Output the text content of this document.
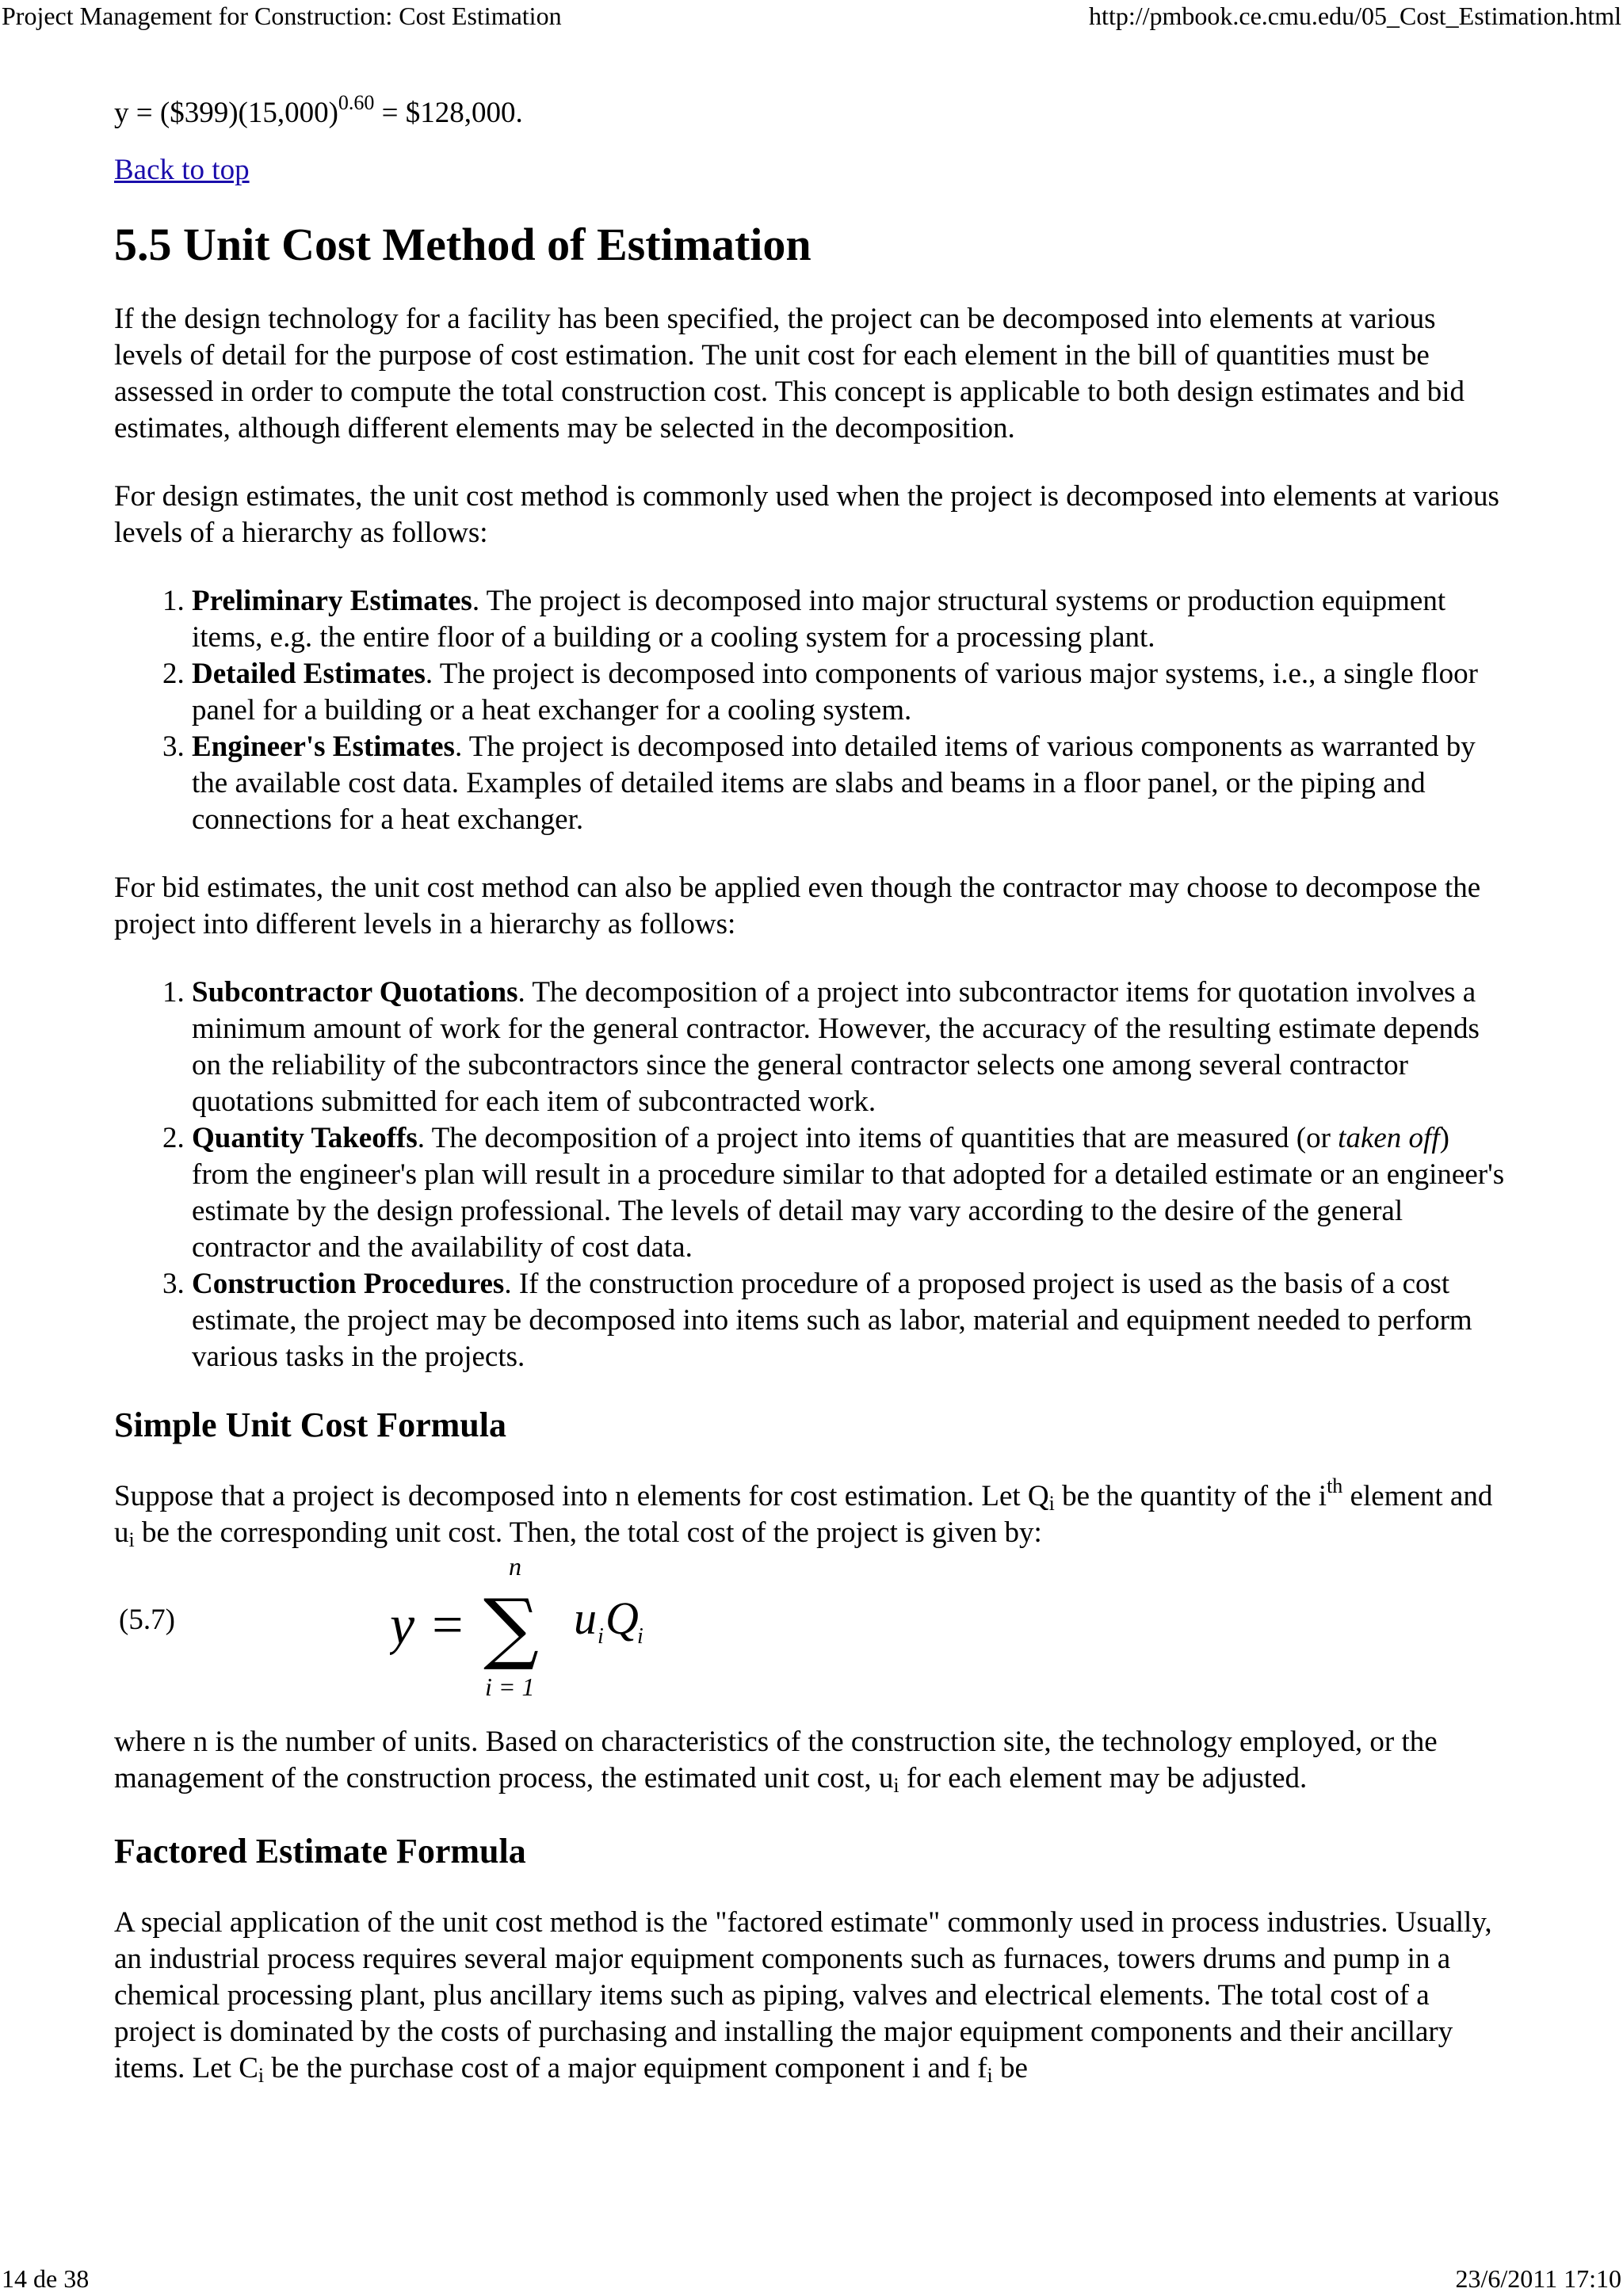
Project Management for Construction: Cost Estimation	http://pmbook.ce.cmu.edu/05_Cost_Estimation.html

$y = (\$399)(15,000)^{0.60}$ = $128,000.

Back to top

5.5 Unit Cost Method of Estimation

If the design technology for a facility has been specified, the project can be decomposed into elements at various levels of detail for the purpose of cost estimation. The unit cost for each element in the bill of quantities must be assessed in order to compute the total construction cost. This concept is applicable to both design estimates and bid estimates, although different elements may be selected in the decomposition.

For design estimates, the unit cost method is commonly used when the project is decomposed into elements at various levels of a hierarchy as follows:

1. Preliminary Estimates. The project is decomposed into major structural systems or production equipment items, e.g. the entire floor of a building or a cooling system for a processing plant.
2. Detailed Estimates. The project is decomposed into components of various major systems, i.e., a single floor panel for a building or a heat exchanger for a cooling system.
3. Engineer's Estimates. The project is decomposed into detailed items of various components as warranted by the available cost data. Examples of detailed items are slabs and beams in a floor panel, or the piping and connections for a heat exchanger.

For bid estimates, the unit cost method can also be applied even though the contractor may choose to decompose the project into different levels in a hierarchy as follows:

1. Subcontractor Quotations. The decomposition of a project into subcontractor items for quotation involves a minimum amount of work for the general contractor. However, the accuracy of the resulting estimate depends on the reliability of the subcontractors since the general contractor selects one among several contractor quotations submitted for each item of subcontracted work.
2. Quantity Takeoffs. The decomposition of a project into items of quantities that are measured (or taken off) from the engineer's plan will result in a procedure similar to that adopted for a detailed estimate or an engineer's estimate by the design professional. The levels of detail may vary according to the desire of the general contractor and the availability of cost data.
3. Construction Procedures. If the construction procedure of a proposed project is used as the basis of a cost estimate, the project may be decomposed into items such as labor, material and equipment needed to perform various tasks in the projects.
Simple Unit Cost Formula

Suppose that a project is decomposed into n elements for cost estimation. Let $Q_i$ be the quantity of the $i^{th}$ element and $u_i$ be the corresponding unit cost. Then, the total cost of the project is given by:

(5.7)
n
y = ∑
i = 1
u i Q
i

where n is the number of units. Based on characteristics of the construction site, the technology employed, or the management of the construction process, the estimated unit cost, $u_i$ for each element may be adjusted.

Factored Estimate Formula

A special application of the unit cost method is the "factored estimate" commonly used in process industries. Usually, an industrial process requires several major equipment components such as furnaces, towers drums and pump in a chemical processing plant, plus ancillary items such as piping, valves and electrical elements. The total cost of a project is dominated by the costs of purchasing and installing the major equipment components and their ancillary items. Let $C_i$ be the purchase cost of a major equipment component i and $f_i$ be

14 de 38	23/6/2011 17:10
